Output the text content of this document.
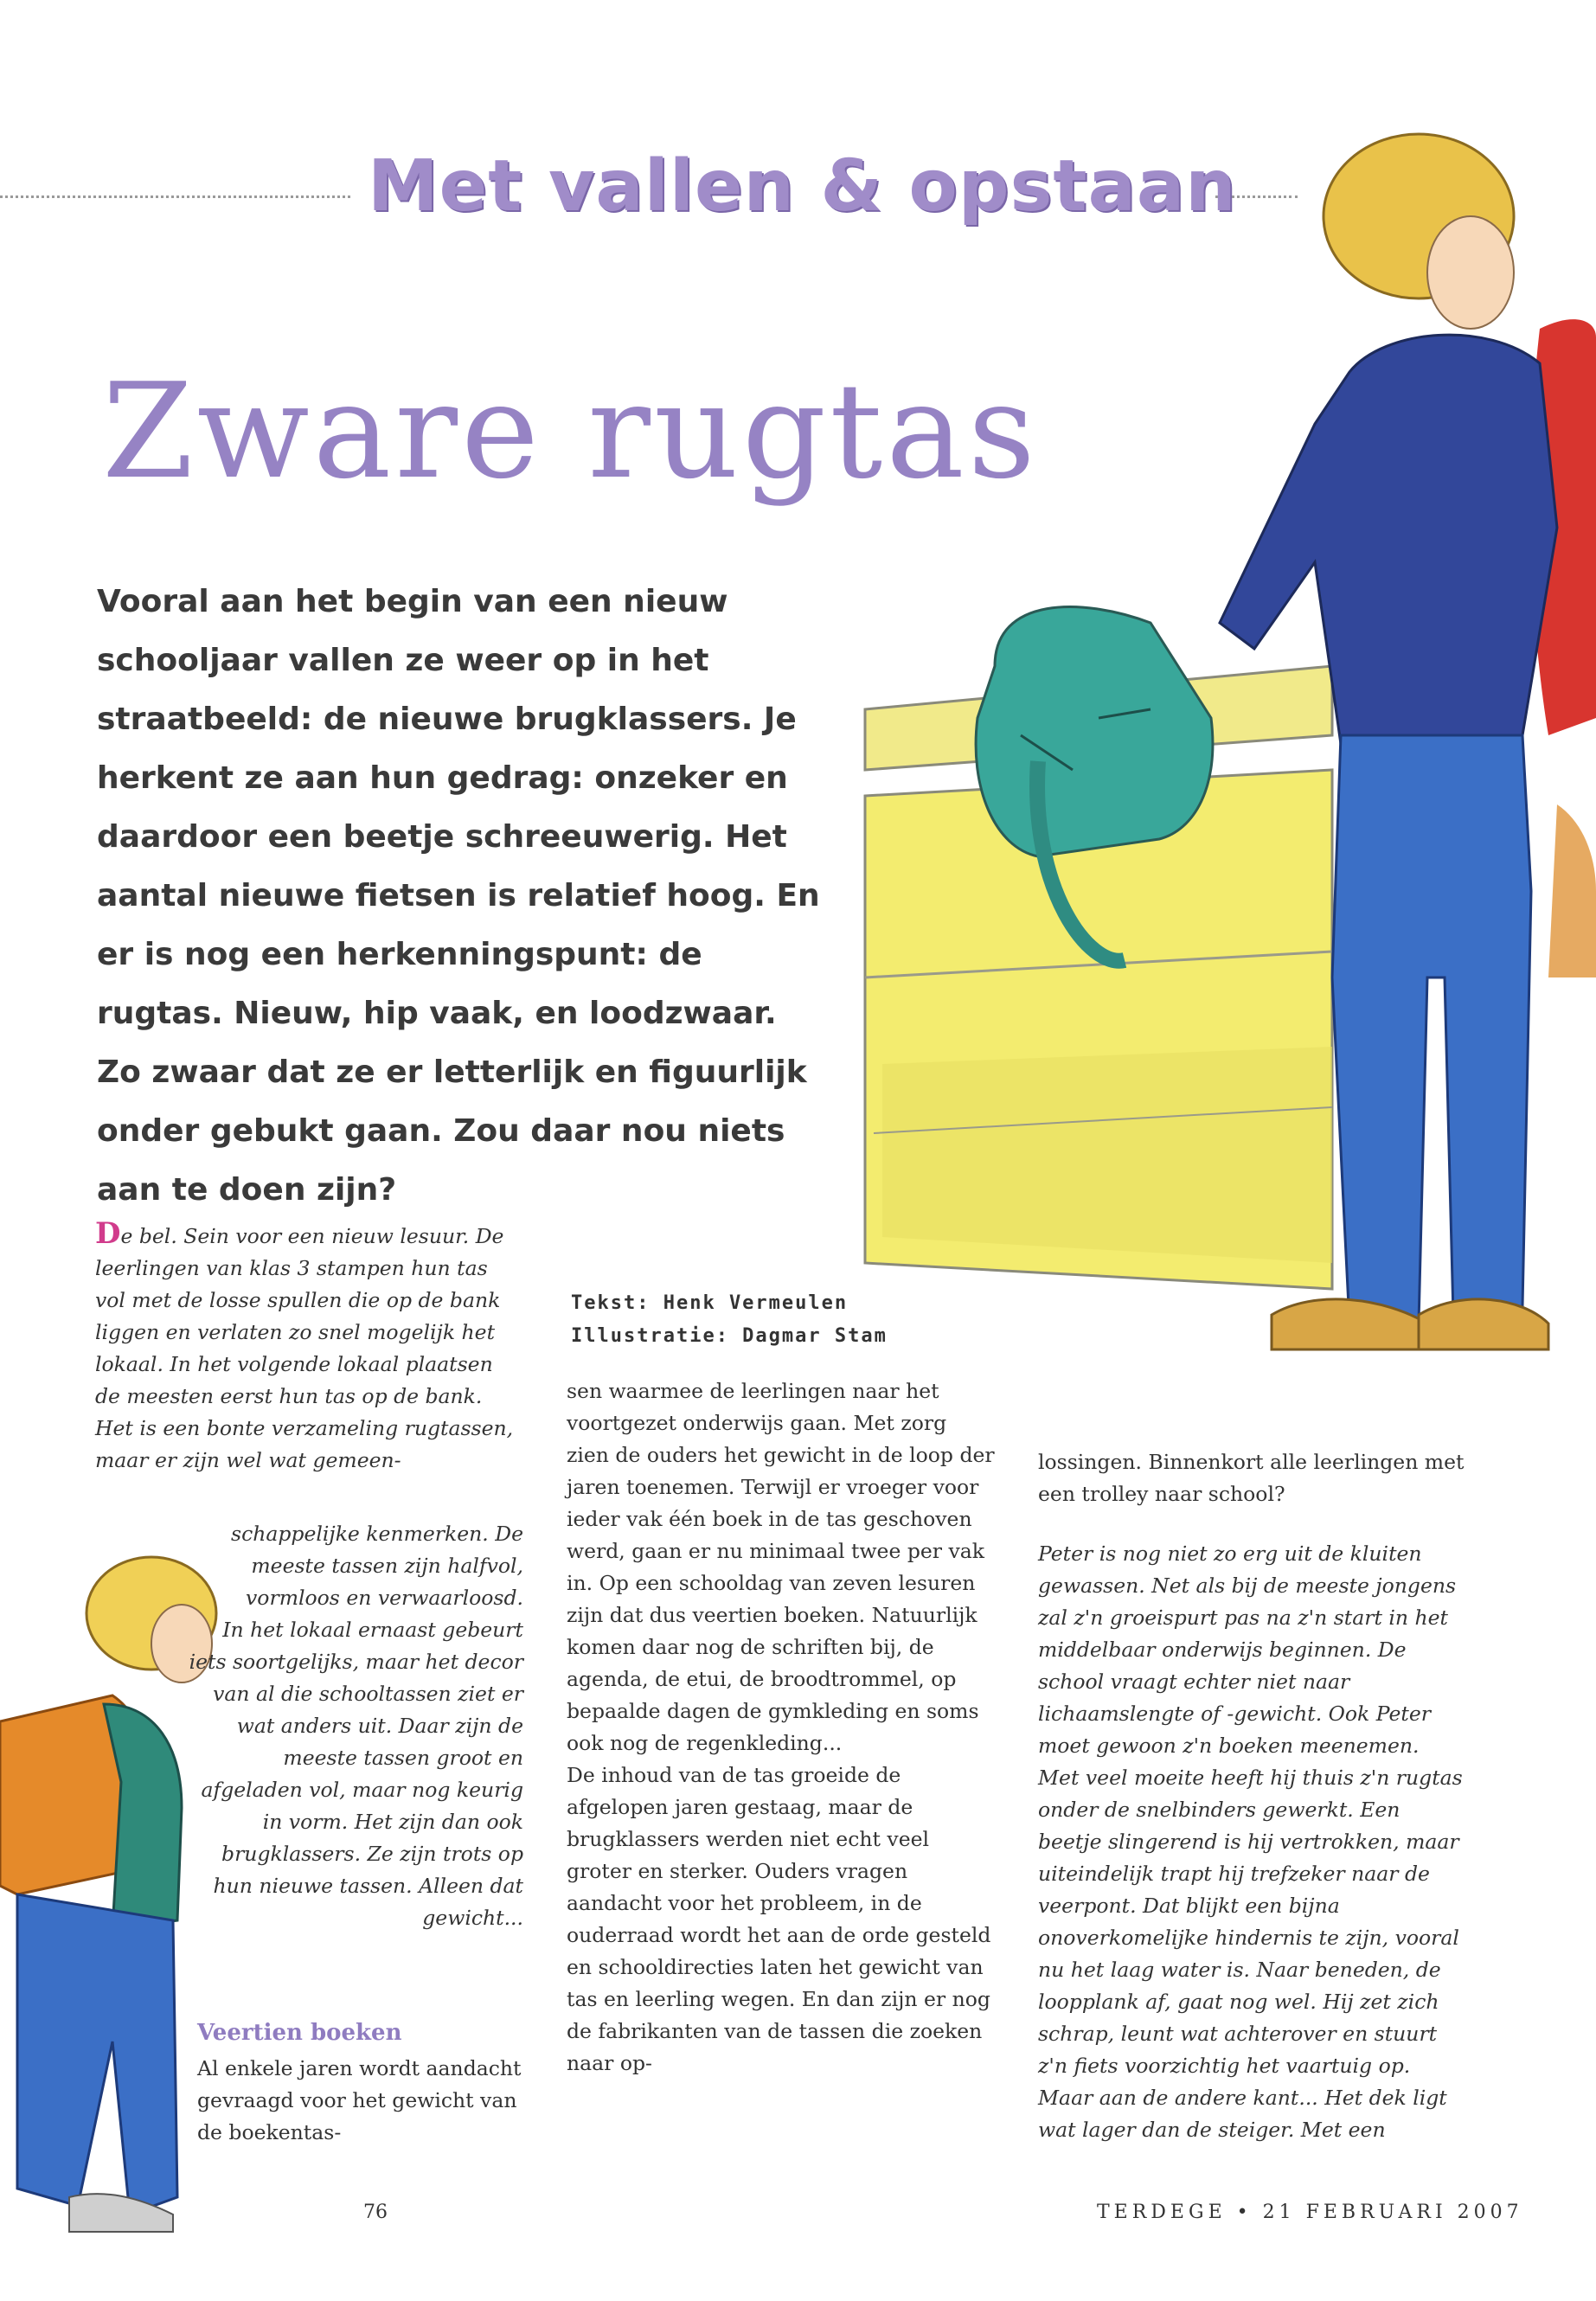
Met vallen & opstaan
Zware rugtas
Vooral aan het begin van een nieuw schooljaar vallen ze weer op in het straatbeeld: de nieuwe brugklassers. Je herkent ze aan hun gedrag: onzeker en daardoor een beetje schreeuwerig. Het aantal nieuwe fietsen is relatief hoog. En er is nog een herkenningspunt: de rugtas. Nieuw, hip vaak, en loodzwaar. Zo zwaar dat ze er letterlijk en figuurlijk onder gebukt gaan. Zou daar nou niets aan te doen zijn?

De bel. Sein voor een nieuw lesuur. De leerlingen van klas 3 stampen hun tas vol met de losse spullen die op de bank liggen en verlaten zo snel mogelijk het lokaal. In het volgende lokaal plaatsen de meesten eerst hun tas op de bank. Het is een bonte verzameling rugtassen, maar er zijn wel wat gemeen-

schappelijke kenmerken. De meeste tassen zijn halfvol, vormloos en verwaarloosd.

In het lokaal ernaast gebeurt iets soortgelijks, maar het decor van al die schooltassen ziet er wat anders uit. Daar zijn de meeste tassen groot en afgeladen vol, maar nog keurig in vorm. Het zijn dan ook brugklassers. Ze zijn trots op hun nieuwe tassen. Alleen dat gewicht...

Veertien boeken

Al enkele jaren wordt aandacht gevraagd voor het gewicht van de boekentas-

Tekst: Henk Vermeulen
Illustratie: Dagmar Stam

sen waarmee de leerlingen naar het voortgezet onderwijs gaan. Met zorg zien de ouders het gewicht in de loop der jaren toenemen. Terwijl er vroeger voor ieder vak één boek in de tas geschoven werd, gaan er nu minimaal twee per vak in. Op een schooldag van zeven lesuren zijn dat dus veertien boeken. Natuurlijk komen daar nog de schriften bij, de agenda, de etui, de broodtrommel, op bepaalde dagen de gymkleding en soms ook nog de regenkleding...

De inhoud van de tas groeide de afgelopen jaren gestaag, maar de brugklassers werden niet echt veel groter en sterker. Ouders vragen aandacht voor het probleem, in de ouderraad wordt het aan de orde gesteld en schooldirecties laten het gewicht van tas en leerling wegen. En dan zijn er nog de fabrikanten van de tassen die zoeken naar op-

lossingen. Binnenkort alle leerlingen met een trolley naar school?

Peter is nog niet zo erg uit de kluiten gewassen. Net als bij de meeste jongens zal z'n groeispurt pas na z'n start in het middelbaar onderwijs beginnen. De school vraagt echter niet naar lichaamslengte of -gewicht. Ook Peter moet gewoon z'n boeken meenemen. Met veel moeite heeft hij thuis z'n rugtas onder de snelbinders gewerkt. Een beetje slingerend is hij vertrokken, maar uiteindelijk trapt hij trefzeker naar de veerpont. Dat blijkt een bijna onoverkomelijke hindernis te zijn, vooral nu het laag water is. Naar beneden, de loopplank af, gaat nog wel. Hij zet zich schrap, leunt wat achterover en stuurt z'n fiets voorzichtig het vaartuig op. Maar aan de andere kant... Het dek ligt wat lager dan de steiger. Met een

76	TERDEGE • 21 FEBRUARI 2007
